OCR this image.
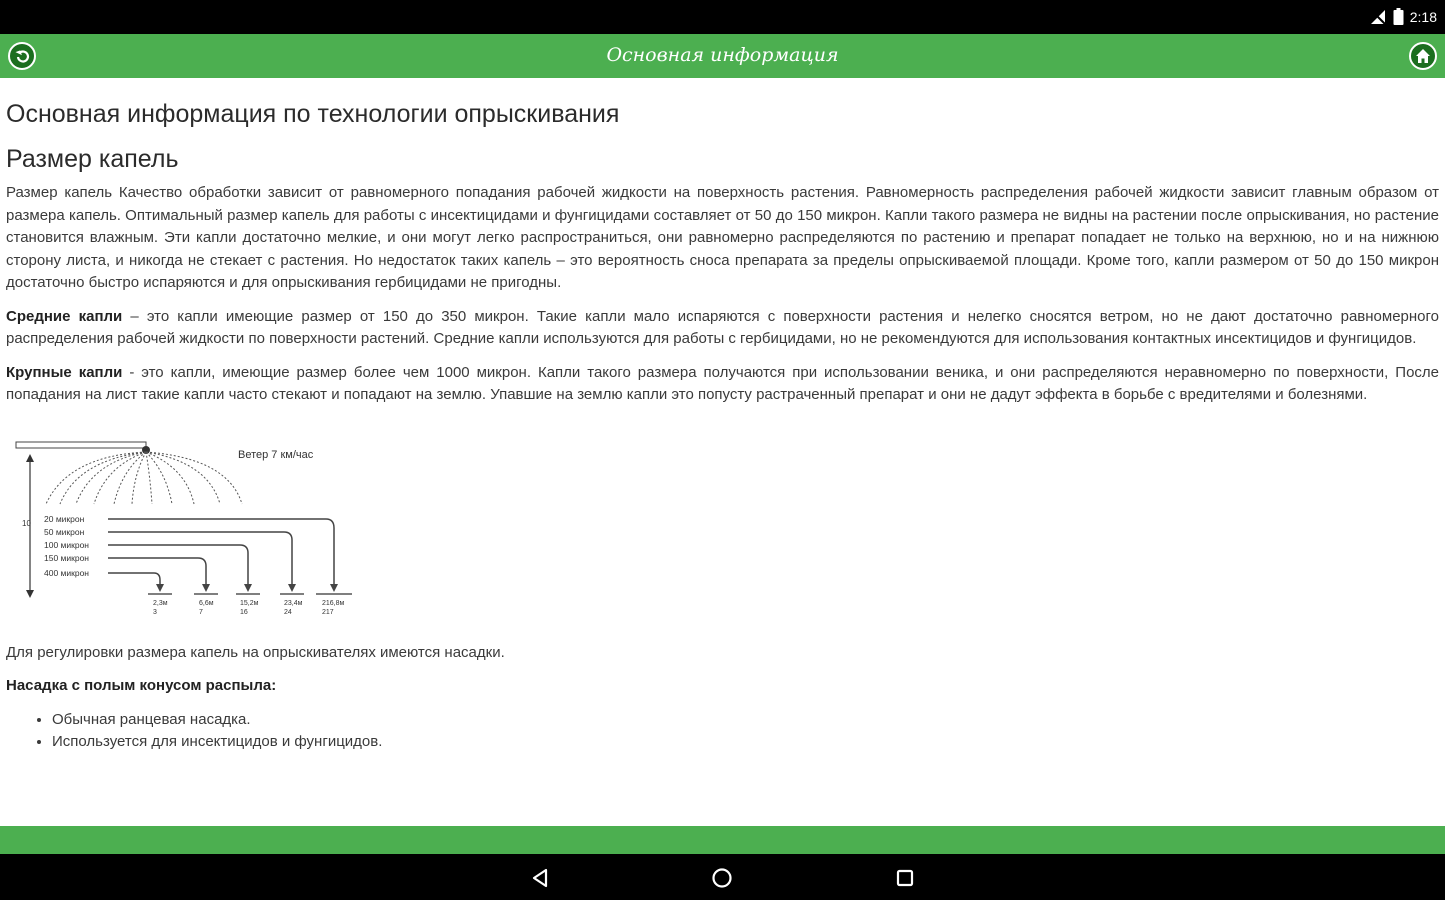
2:18
Основная информация
Основная информация по технологии опрыскивания
Размер капель

Размер капель Качество обработки зависит от равномерного попадания рабочей жидкости на поверхность растения. Равномерность распределения рабочей жидкости зависит главным образом от размера капель. Оптимальный размер капель для работы с инсектицидами и фунгицидами составляет от 50 до 150 микрон. Капли такого размера не видны на растении после опрыскивания, но растение становится влажным. Эти капли достаточно мелкие, и они могут легко распространиться, они равномерно распределяются по растению и препарат попадает не только на верхнюю, но и на нижнюю сторону листа, и никогда не стекает с растения. Но недостаток таких капель – это вероятность сноса препарата за пределы опрыскиваемой площади. Кроме того, капли размером от 50 до 150 микрон достаточно быстро испаряются и для опрыскивания гербицидами не пригодны.

Средние капли – это капли имеющие размер от 150 до 350 микрон. Такие капли мало испаряются с поверхности растения и нелегко сносятся ветром, но не дают достаточно равномерного распределения рабочей жидкости по поверхности растений. Средние капли используются для работы с гербицидами, но не рекомендуются для использования контактных инсектицидов и фунгицидов.

Крупные капли - это капли, имеющие размер более чем 1000 микрон. Капли такого размера получаются при использовании веника, и они распределяются неравномерно по поверхности, После попадания на лист такие капли часто стекают и попадают на землю. Упавшие на землю капли это попусту растраченный препарат и они не дадут эффекта в борьбе с вредителями и болезнями.

Ветер 7 км/час
10 20 микрон
50 микрон
100 микрон
150 микрон
400 микрон
2,3м
3
6,6м
7
15,2м
16
23,4м
24
216,8м
217

Для регулировки размера капель на опрыскивателях имеются насадки.

Насадка с полым конусом распыла:

• Обычная ранцевая насадка.
• Используется для инсектицидов и фунгицидов.
